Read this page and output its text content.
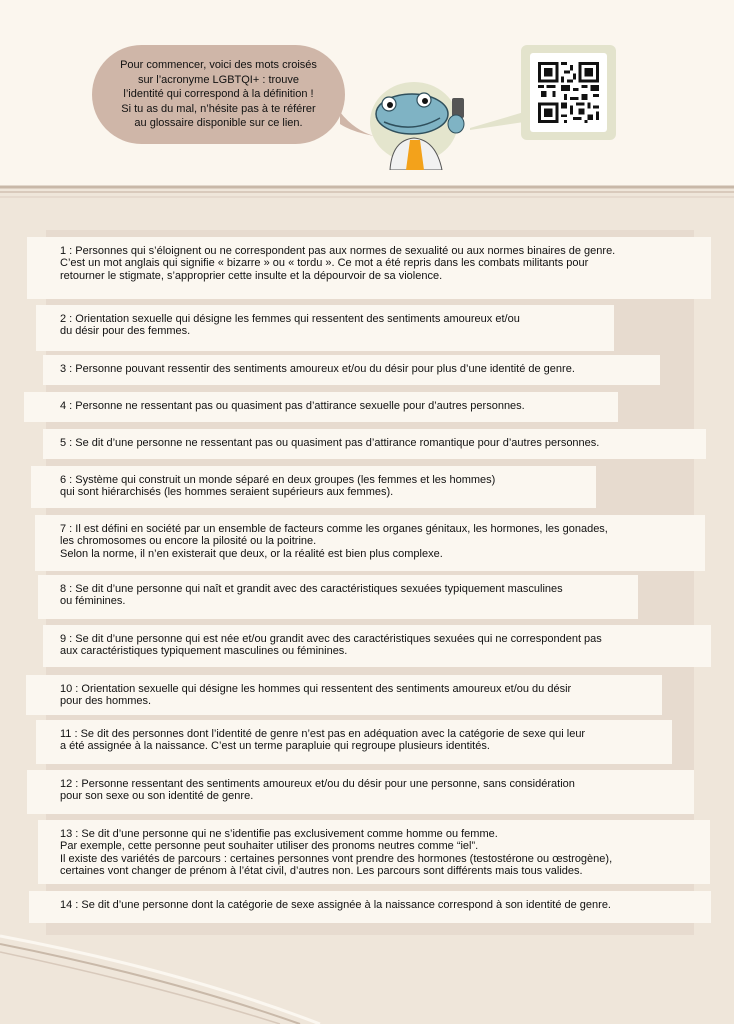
Pour commencer, voici des mots croisés
sur l’acronyme LGBTQI+ : trouve
l’identité qui correspond à la définition !
Si tu as du mal, n’hésite pas à te référer
au glossaire disponible sur ce lien.
1 : Personnes qui s’éloignent ou ne correspondent pas aux normes de sexualité ou aux normes binaires de genre.
C’est un mot anglais qui signifie « bizarre » ou « tordu ». Ce mot a été repris dans les combats militants pour
retourner le stigmate, s’approprier cette insulte et la dépourvoir de sa violence.
2 : Orientation sexuelle qui désigne les femmes qui ressentent des sentiments amoureux et/ou
du désir pour des femmes.
3 : Personne pouvant ressentir des sentiments amoureux et/ou du désir pour plus d’une identité de genre.
4 : Personne ne ressentant pas ou quasiment pas d’attirance sexuelle pour d’autres personnes.
5 : Se dit d’une personne ne ressentant pas ou quasiment pas d’attirance romantique pour d’autres personnes.
6 : Système qui construit un monde séparé en deux groupes (les femmes et les hommes)
qui sont hiérarchisés (les hommes seraient supérieurs aux femmes).
7 : Il est défini en société par un ensemble de facteurs comme les organes génitaux, les hormones, les gonades,
les chromosomes ou encore la pilosité ou la poitrine.
Selon la norme, il n’en existerait que deux, or la réalité est bien plus complexe.
8 : Se dit d’une personne qui naît et grandit avec des caractéristiques sexuées typiquement masculines
ou féminines.
9 : Se dit d’une personne qui est née et/ou grandit avec des caractéristiques sexuées qui ne correspondent pas
aux caractéristiques typiquement masculines ou féminines.
10 : Orientation sexuelle qui désigne les hommes qui ressentent des sentiments amoureux et/ou du désir
pour des hommes.
11 : Se dit des personnes dont l’identité de genre n’est pas en adéquation avec la catégorie de sexe qui leur
a été assignée à la naissance. C’est un terme parapluie qui regroupe plusieurs identités.
12 : Personne ressentant des sentiments amoureux et/ou du désir pour une personne, sans considération
pour son sexe ou son identité de genre.
13 : Se dit d’une personne qui ne s’identifie pas exclusivement comme homme ou femme.
Par exemple, cette personne peut souhaiter utiliser des pronoms neutres comme “iel”.
Il existe des variétés de parcours : certaines personnes vont prendre des hormones (testostérone ou œstrogène),
certaines vont changer de prénom à l’état civil, d’autres non. Les parcours sont différents mais tous valides.
14 : Se dit d’une personne dont la catégorie de sexe assignée à la naissance correspond à son identité de genre.
